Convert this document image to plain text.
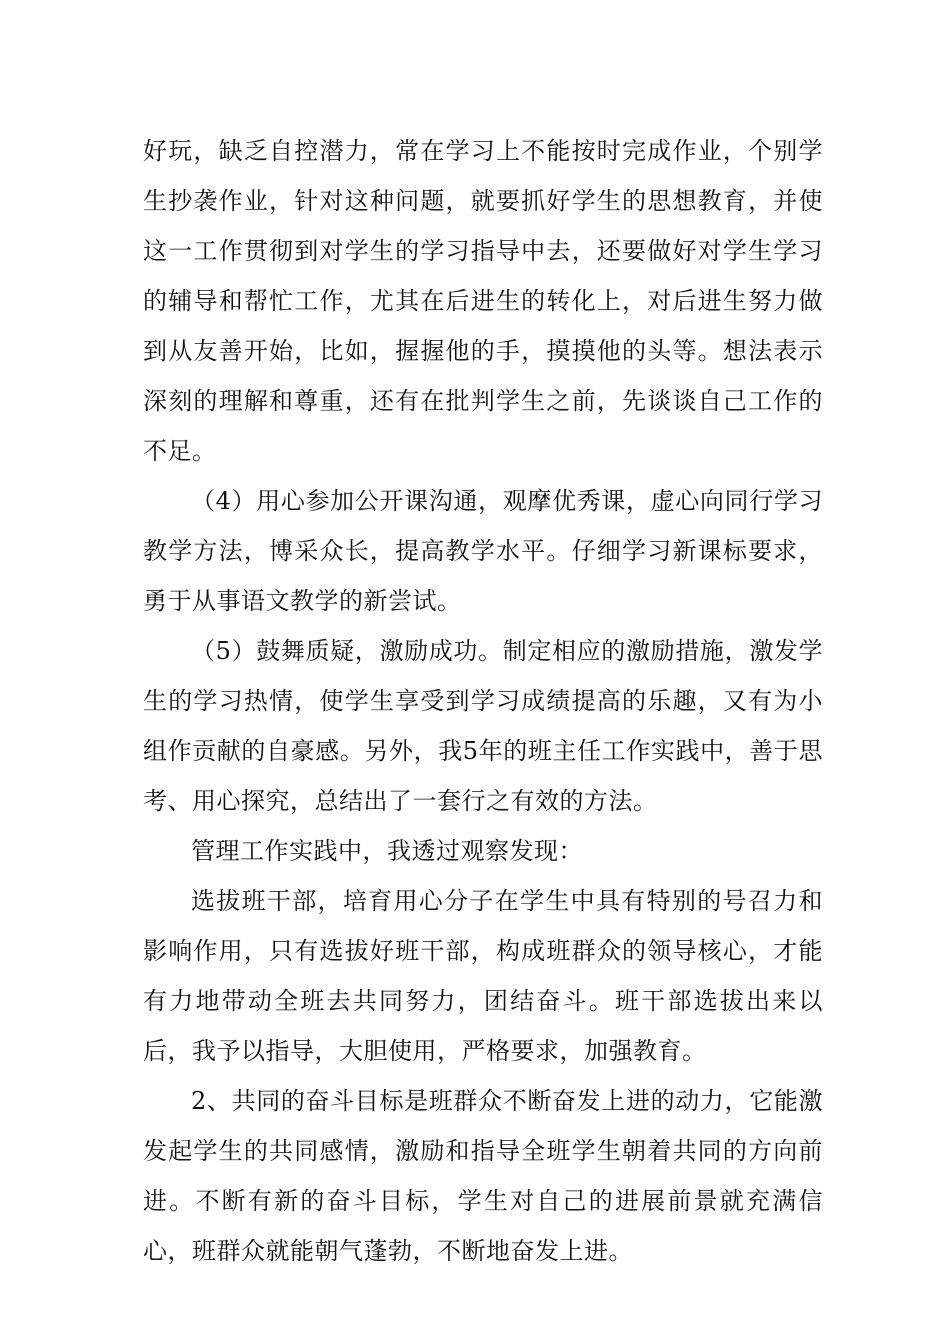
好玩，缺乏自控潜力，常在学习上不能按时完成作业，个别学生抄袭作业，针对这种问题，就要抓好学生的思想教育，并使这一工作贯彻到对学生的学习指导中去，还要做好对学生学习的辅导和帮忙工作，尤其在后进生的转化上，对后进生努力做到从友善开始，比如，握握他的手，摸摸他的头等。想法表示深刻的理解和尊重，还有在批判学生之前，先谈谈自己工作的不足。

（4）用心参加公开课沟通，观摩优秀课，虚心向同行学习教学方法，博采众长，提高教学水平。仔细学习新课标要求，勇于从事语文教学的新尝试。

（5）鼓舞质疑，激励成功。制定相应的激励措施，激发学生的学习热情，使学生享受到学习成绩提高的乐趣，又有为小组作贡献的自豪感。另外，我5年的班主任工作实践中，善于思考、用心探究，总结出了一套行之有效的方法。

管理工作实践中，我透过观察发现：

选拔班干部，培育用心分子在学生中具有特别的号召力和影响作用，只有选拔好班干部，构成班群众的领导核心，才能有力地带动全班去共同努力，团结奋斗。班干部选拔出来以后，我予以指导，大胆使用，严格要求，加强教育。

2、共同的奋斗目标是班群众不断奋发上进的动力，它能激发起学生的共同感情，激励和指导全班学生朝着共同的方向前进。不断有新的奋斗目标，学生对自己的进展前景就充满信心，班群众就能朝气蓬勃，不断地奋发上进。
